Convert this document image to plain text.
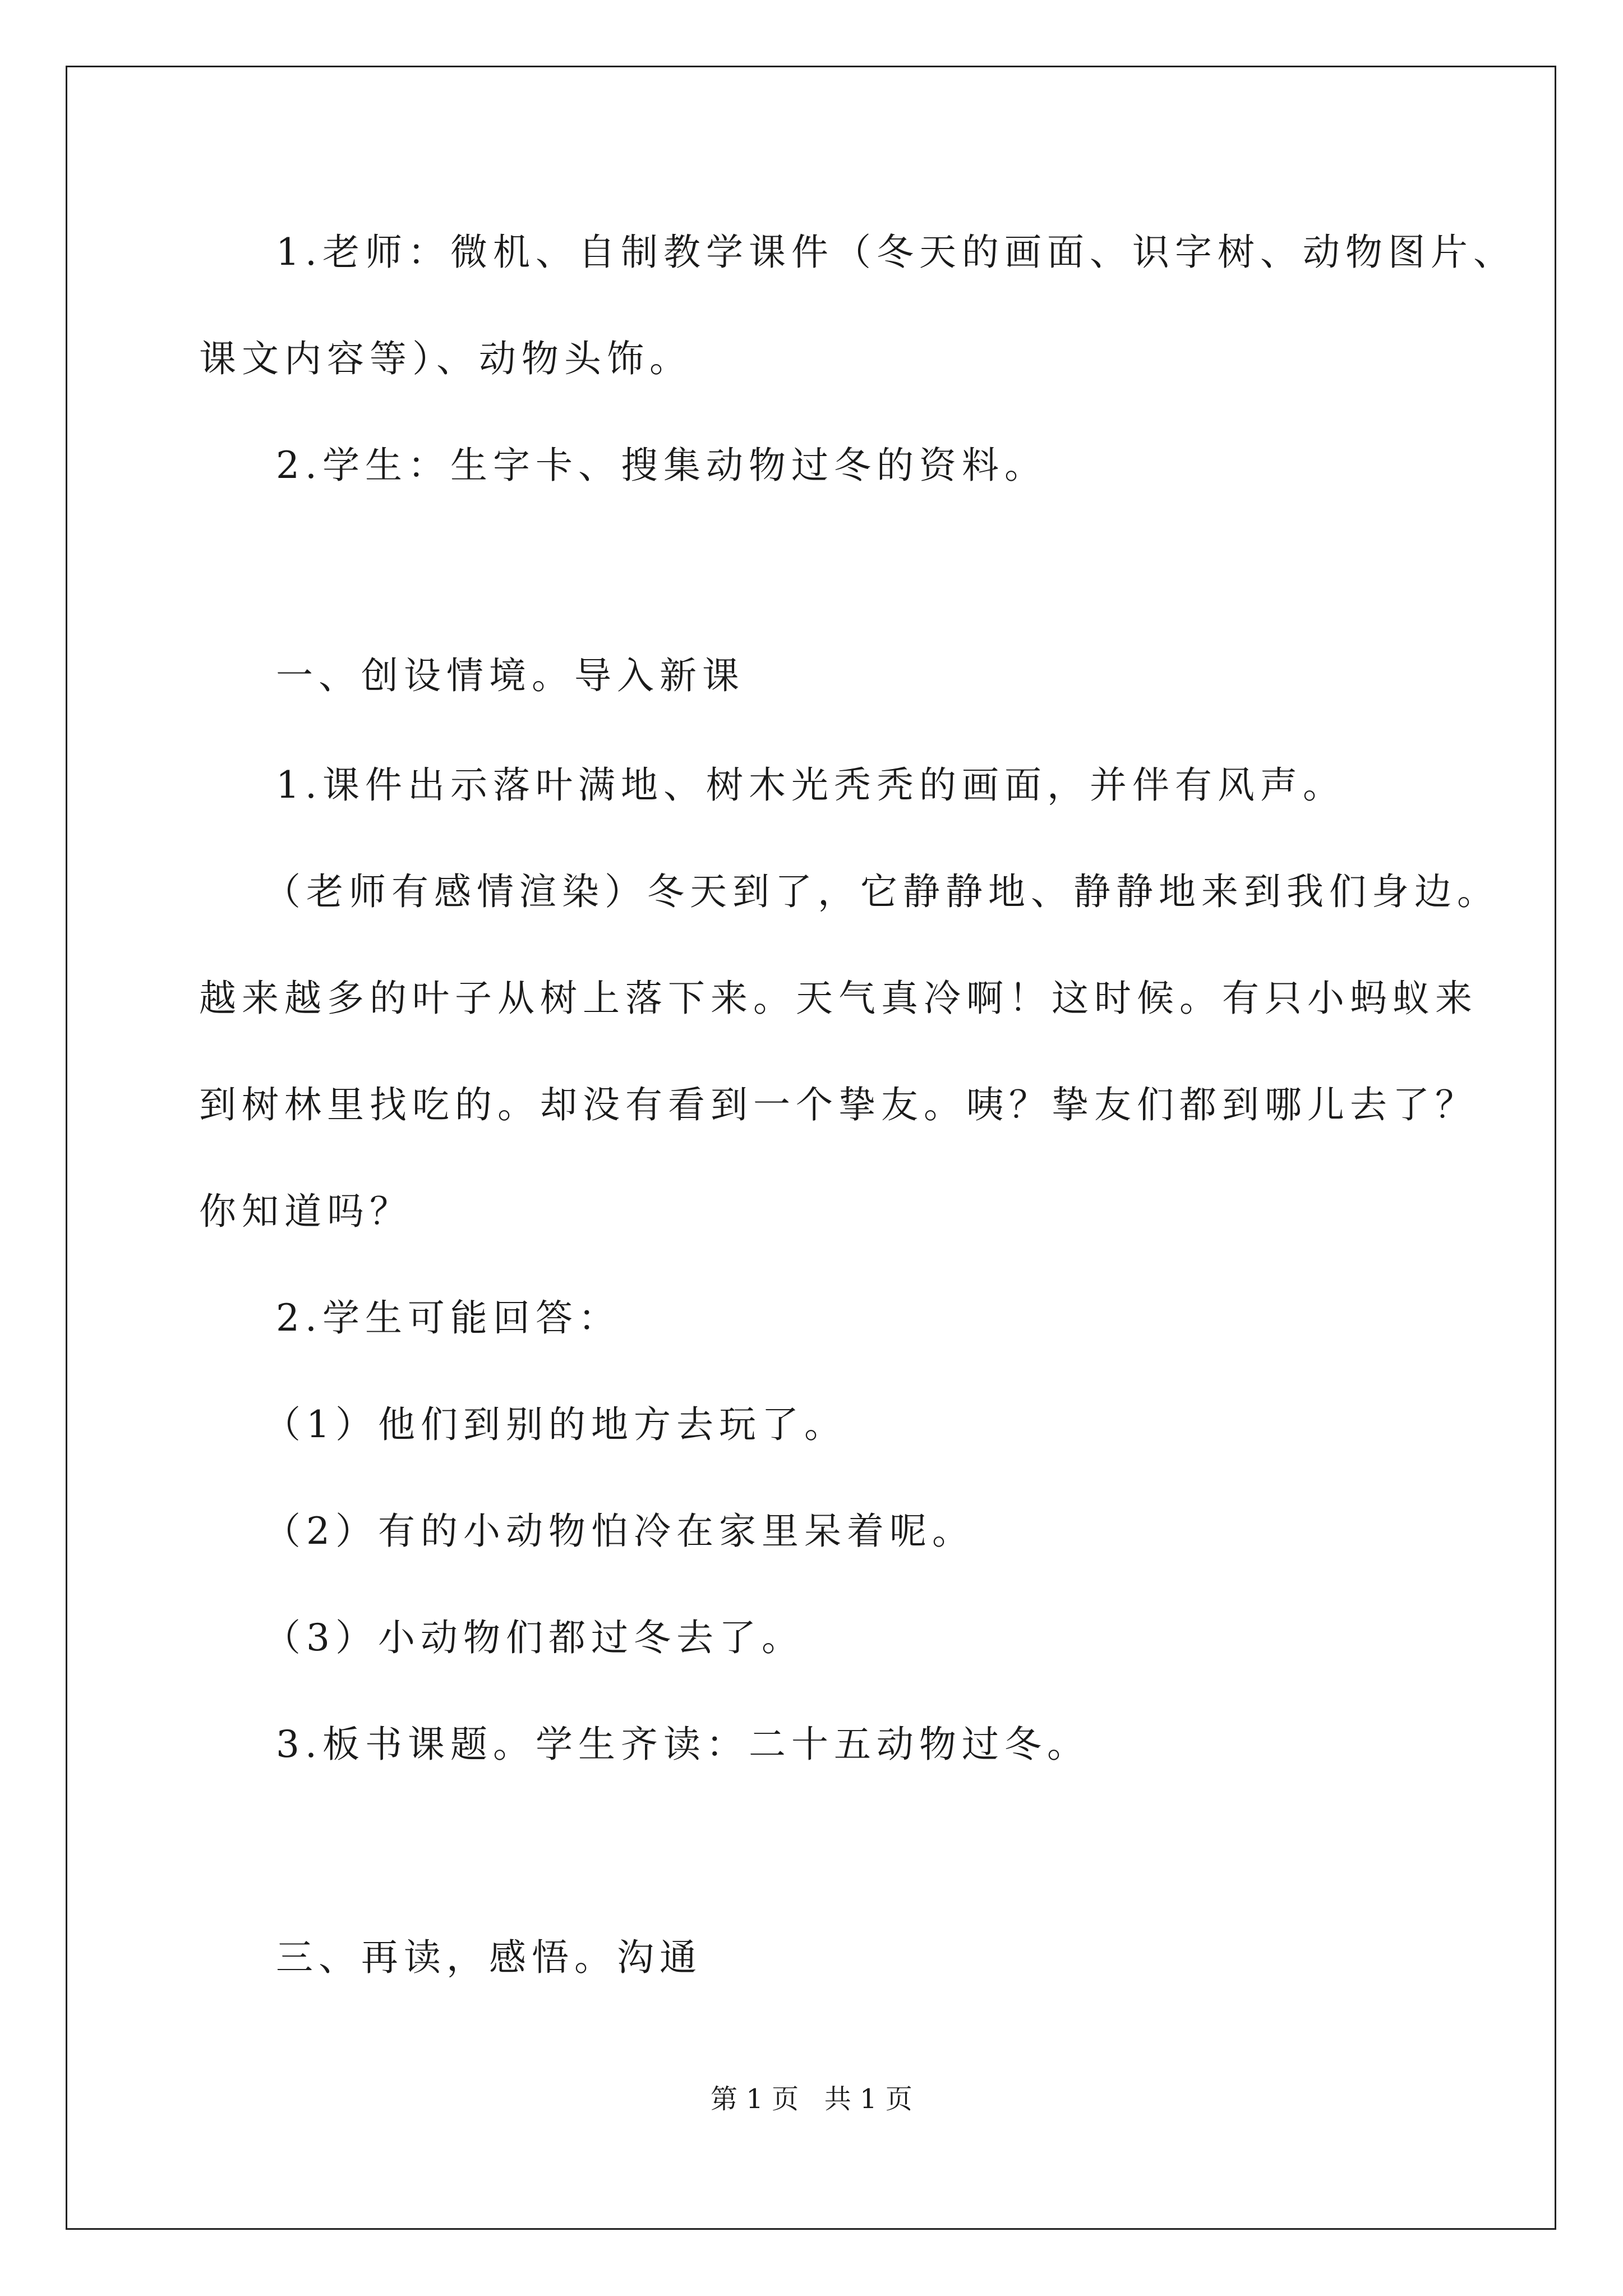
1.老师：微机、自制教学课件（冬天的画面、识字树、动物图片、
课文内容等）、动物头饰。
2.学生：生字卡、搜集动物过冬的资料。
一、创设情境。导入新课
1.课件出示落叶满地、树木光秃秃的画面，并伴有风声。
（老师有感情渲染）冬天到了，它静静地、静静地来到我们身边。
越来越多的叶子从树上落下来。天气真冷啊！这时候。有只小蚂蚁来
到树林里找吃的。却没有看到一个挚友。咦？挚友们都到哪儿去了？
你知道吗？
2.学生可能回答：
（1）他们到别的地方去玩了。
（2）有的小动物怕冷在家里呆着呢。
（3）小动物们都过冬去了。
3.板书课题。学生齐读：二十五动物过冬。
三、再读，感悟。沟通
第 1 页   共 1 页
